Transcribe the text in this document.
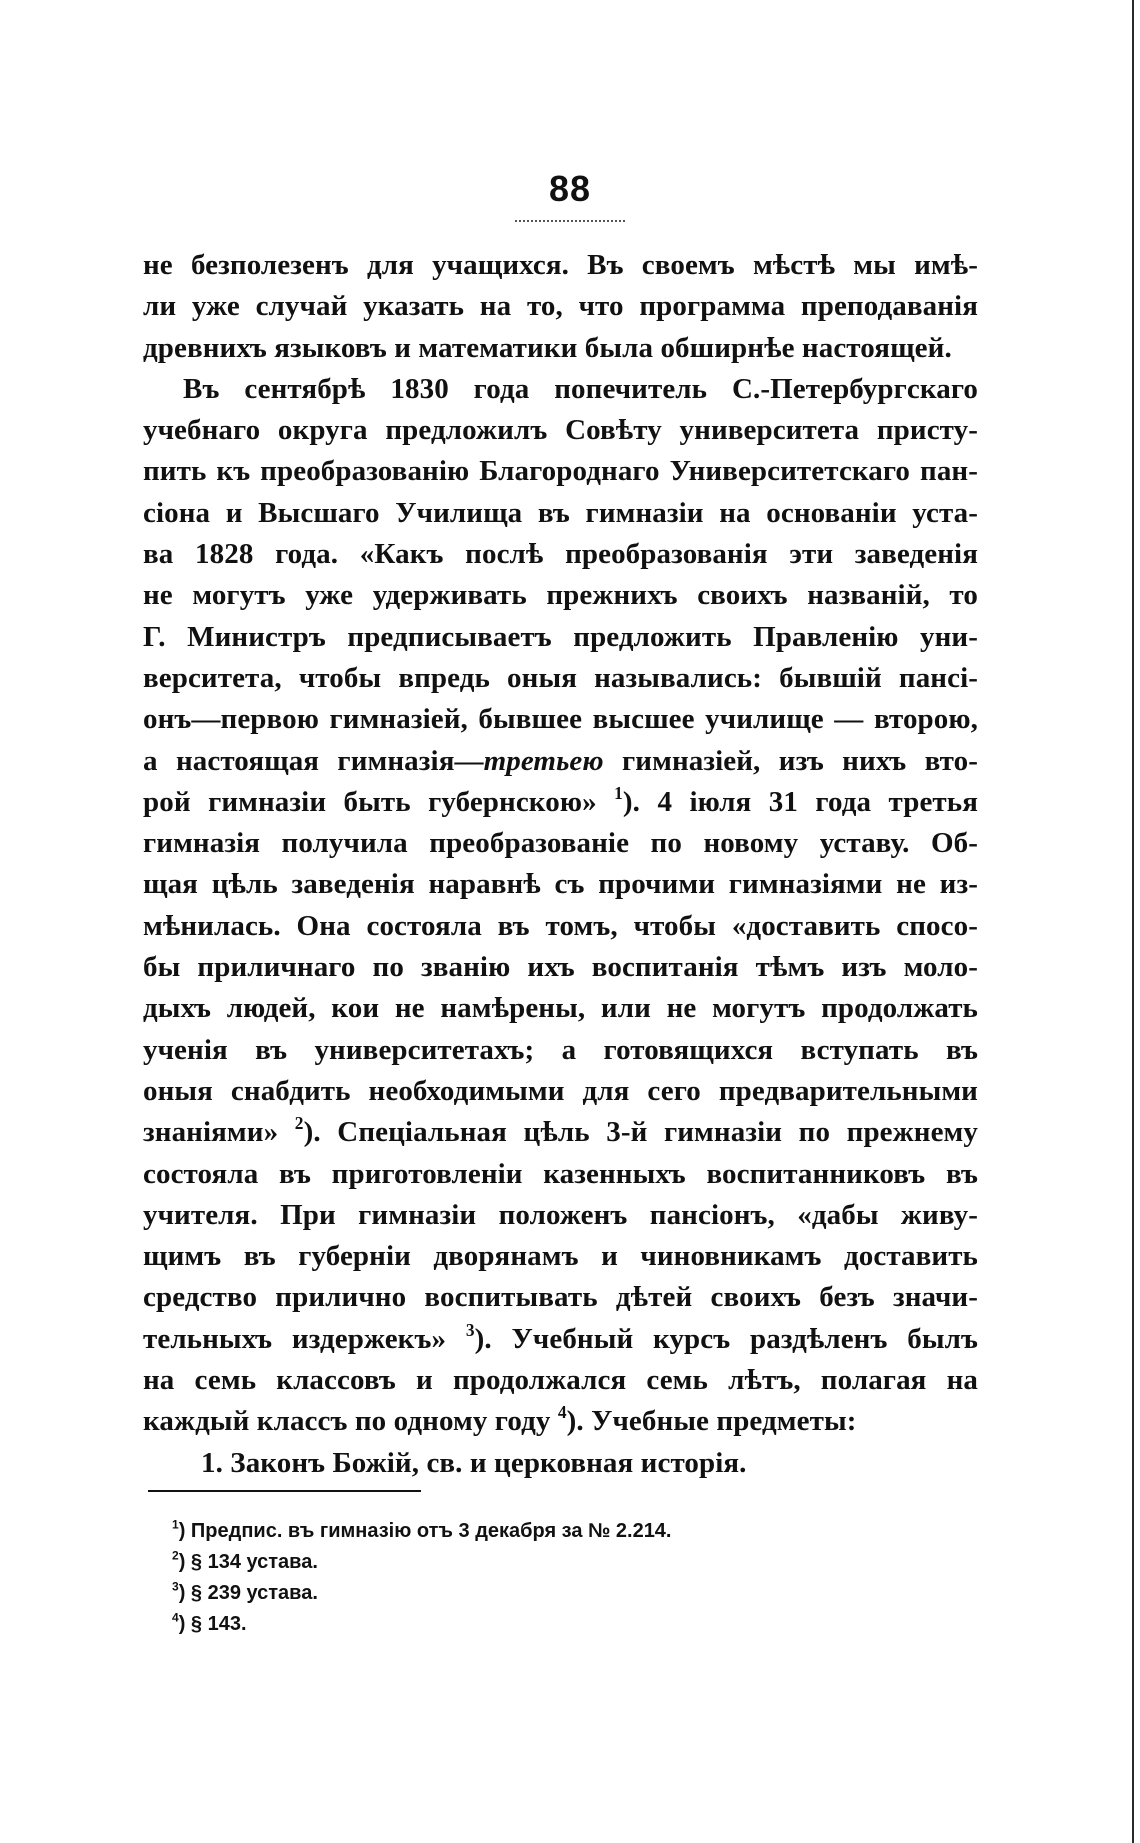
88
не безполезенъ для учащихся. Въ своемъ мѣстѣ мы имѣ-
ли уже случай указать на то, что программа преподаванія
древнихъ языковъ и математики была обширнѣе настоящей.
Въ сентябрѣ 1830 года попечитель С.-Петербургскаго
учебнаго округа предложилъ Совѣту университета присту-
пить къ преобразованію Благороднаго Университетскаго пан-
сіона и Высшаго Училища въ гимназіи на основаніи уста-
ва 1828 года. «Какъ послѣ преобразованія эти заведенія
не могутъ уже удерживать прежнихъ своихъ названій, то
Г. Министръ предписываетъ предложить Правленію уни-
верситета, чтобы впредь оныя назывались: бывшій пансі-
онъ—первою гимназіей, бывшее высшее училище — второю,
а настоящая гимназія—третьею гимназіей, изъ нихъ вто-
рой гимназіи быть губернскою» $^1$). 4 іюля 31 года третья
гимназія получила преобразованіе по новому уставу. Об-
щая цѣль заведенія наравнѣ съ прочими гимназіями не из-
мѣнилась. Она состояла въ томъ, чтобы «доставить спосо-
бы приличнаго по званію ихъ воспитанія тѣмъ изъ моло-
дыхъ людей, кои не намѣрены, или не могутъ продолжать
ученія въ университетахъ; а готовящихся вступать въ
оныя снабдить необходимыми для сего предварительными
знаніями» $^2$). Спеціальная цѣль 3-й гимназіи по прежнему
состояла въ приготовленіи казенныхъ воспитанниковъ въ
учителя. При гимназіи положенъ пансіонъ, «дабы живу-
щимъ въ губерніи дворянамъ и чиновникамъ доставить
средство прилично воспитывать дѣтей своихъ безъ значи-
тельныхъ издержекъ» $^3$). Учебный курсъ раздѣленъ былъ
на семь классовъ и продолжался семь лѣтъ, полагая на
каждый классъ по одному году $^4$). Учебные предметы:
1. Законъ Божій, св. и церковная исторія.
$^1$) Предпис. въ гимназію отъ 3 декабря за № 2.214.
$^2$) § 134 устава.
$^3$) § 239 устава.
$^4$) § 143.
